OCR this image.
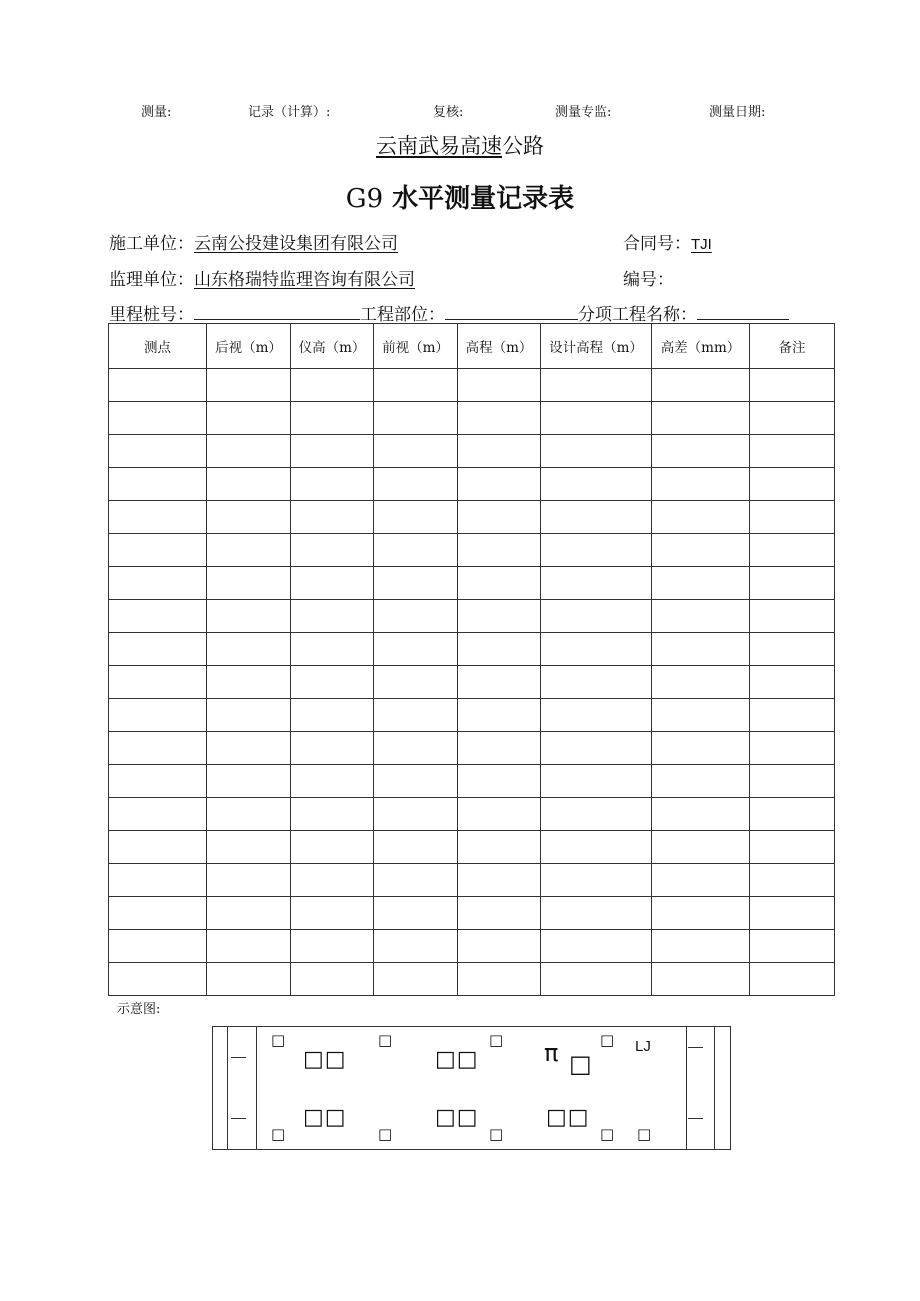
测量:	记录（计算）:	复核:	测量专监:	测量日期:
云南武易高速公路
G9 水平测量记录表
施工单位：云南公投建设集团有限公司	合同号：TJI
监理单位：山东格瑞特监理咨询有限公司	编号：
里程桩号：	工程部位：	分项工程名称：
测点	后视（m）	仪高（m）	前视（m）	高程（m）	设计高程（m）	高差（mm）	备注

示意图:
□
□□
□
□□
□ π □
□ LJ
□□	□□	□□
□	□	□	□ □
